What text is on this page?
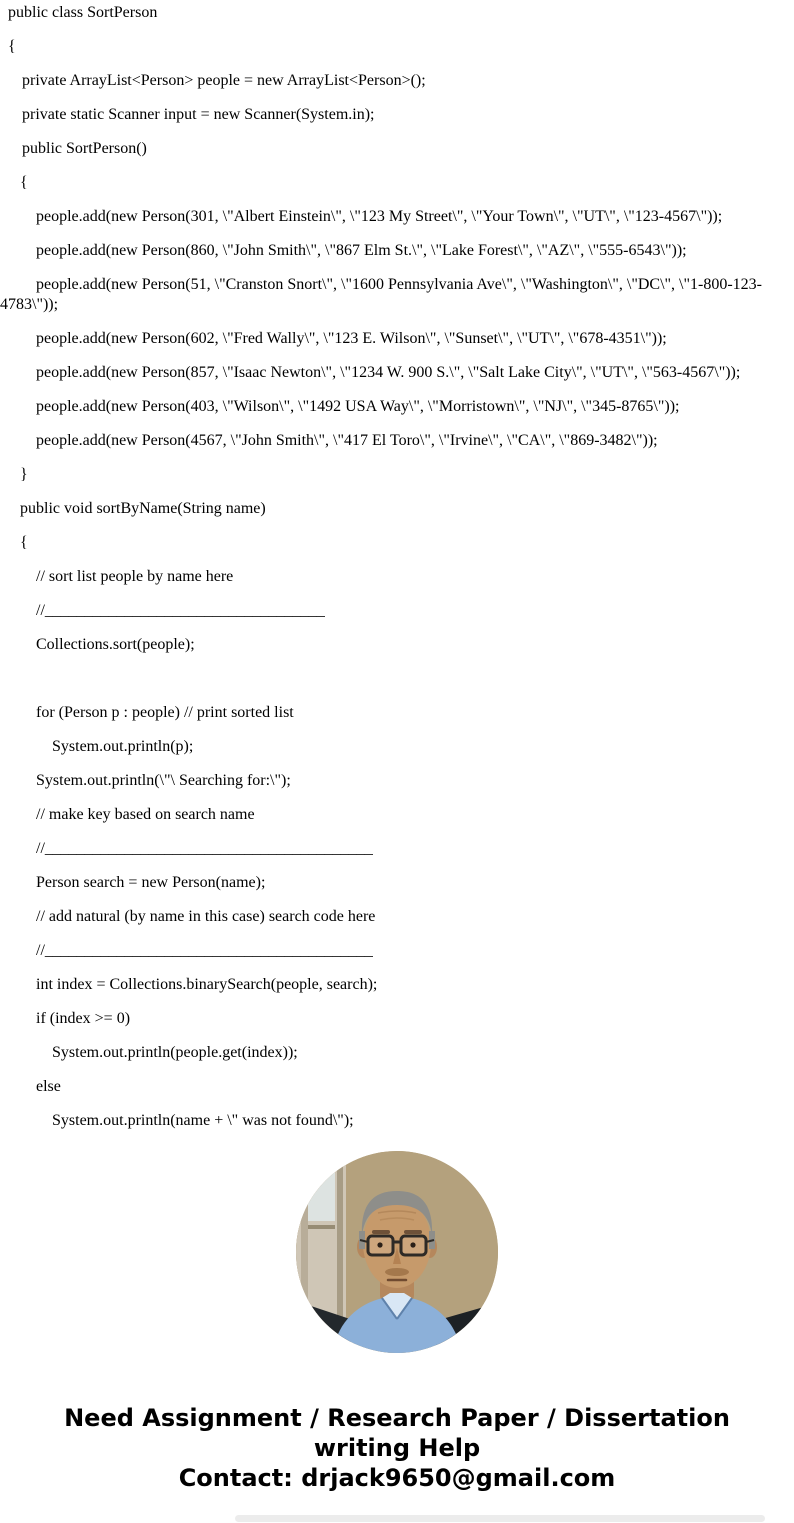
public class SortPerson
{
private ArrayList<Person> people = new ArrayList<Person>();
private static Scanner input = new Scanner(System.in);
public SortPerson()
{
people.add(new Person(301, \"Albert Einstein\", \"123 My Street\", \"Your Town\", \"UT\", \"123-4567\"));
people.add(new Person(860, \"John Smith\", \"867 Elm St.\", \"Lake Forest\", \"AZ\", \"555-6543\"));
people.add(new Person(51, \"Cranston Snort\", \"1600 Pennsylvania Ave\", \"Washington\", \"DC\", \"1-800-123-
4783\"));
people.add(new Person(602, \"Fred Wally\", \"123 E. Wilson\", \"Sunset\", \"UT\", \"678-4351\"));
people.add(new Person(857, \"Isaac Newton\", \"1234 W. 900 S.\", \"Salt Lake City\", \"UT\", \"563-4567\"));
people.add(new Person(403, \"Wilson\", \"1492 USA Way\", \"Morristown\", \"NJ\", \"345-8765\"));
people.add(new Person(4567, \"John Smith\", \"417 El Toro\", \"Irvine\", \"CA\", \"869-3482\"));
}
public void sortByName(String name)
{
// sort list people by name here
//___________________________________
Collections.sort(people);

for (Person p : people) // print sorted list
System.out.println(p);
System.out.println(\"\ Searching for:\");
// make key based on search name
//_________________________________________
Person search = new Person(name);
// add natural (by name in this case) search code here
//_________________________________________
int index = Collections.binarySearch(people, search);
if (index >= 0)
System.out.println(people.get(index));
else
System.out.println(name + \" was not found\");
Need Assignment / Research Paper / Dissertation writing Help
Contact: drjack9650@gmail.com
